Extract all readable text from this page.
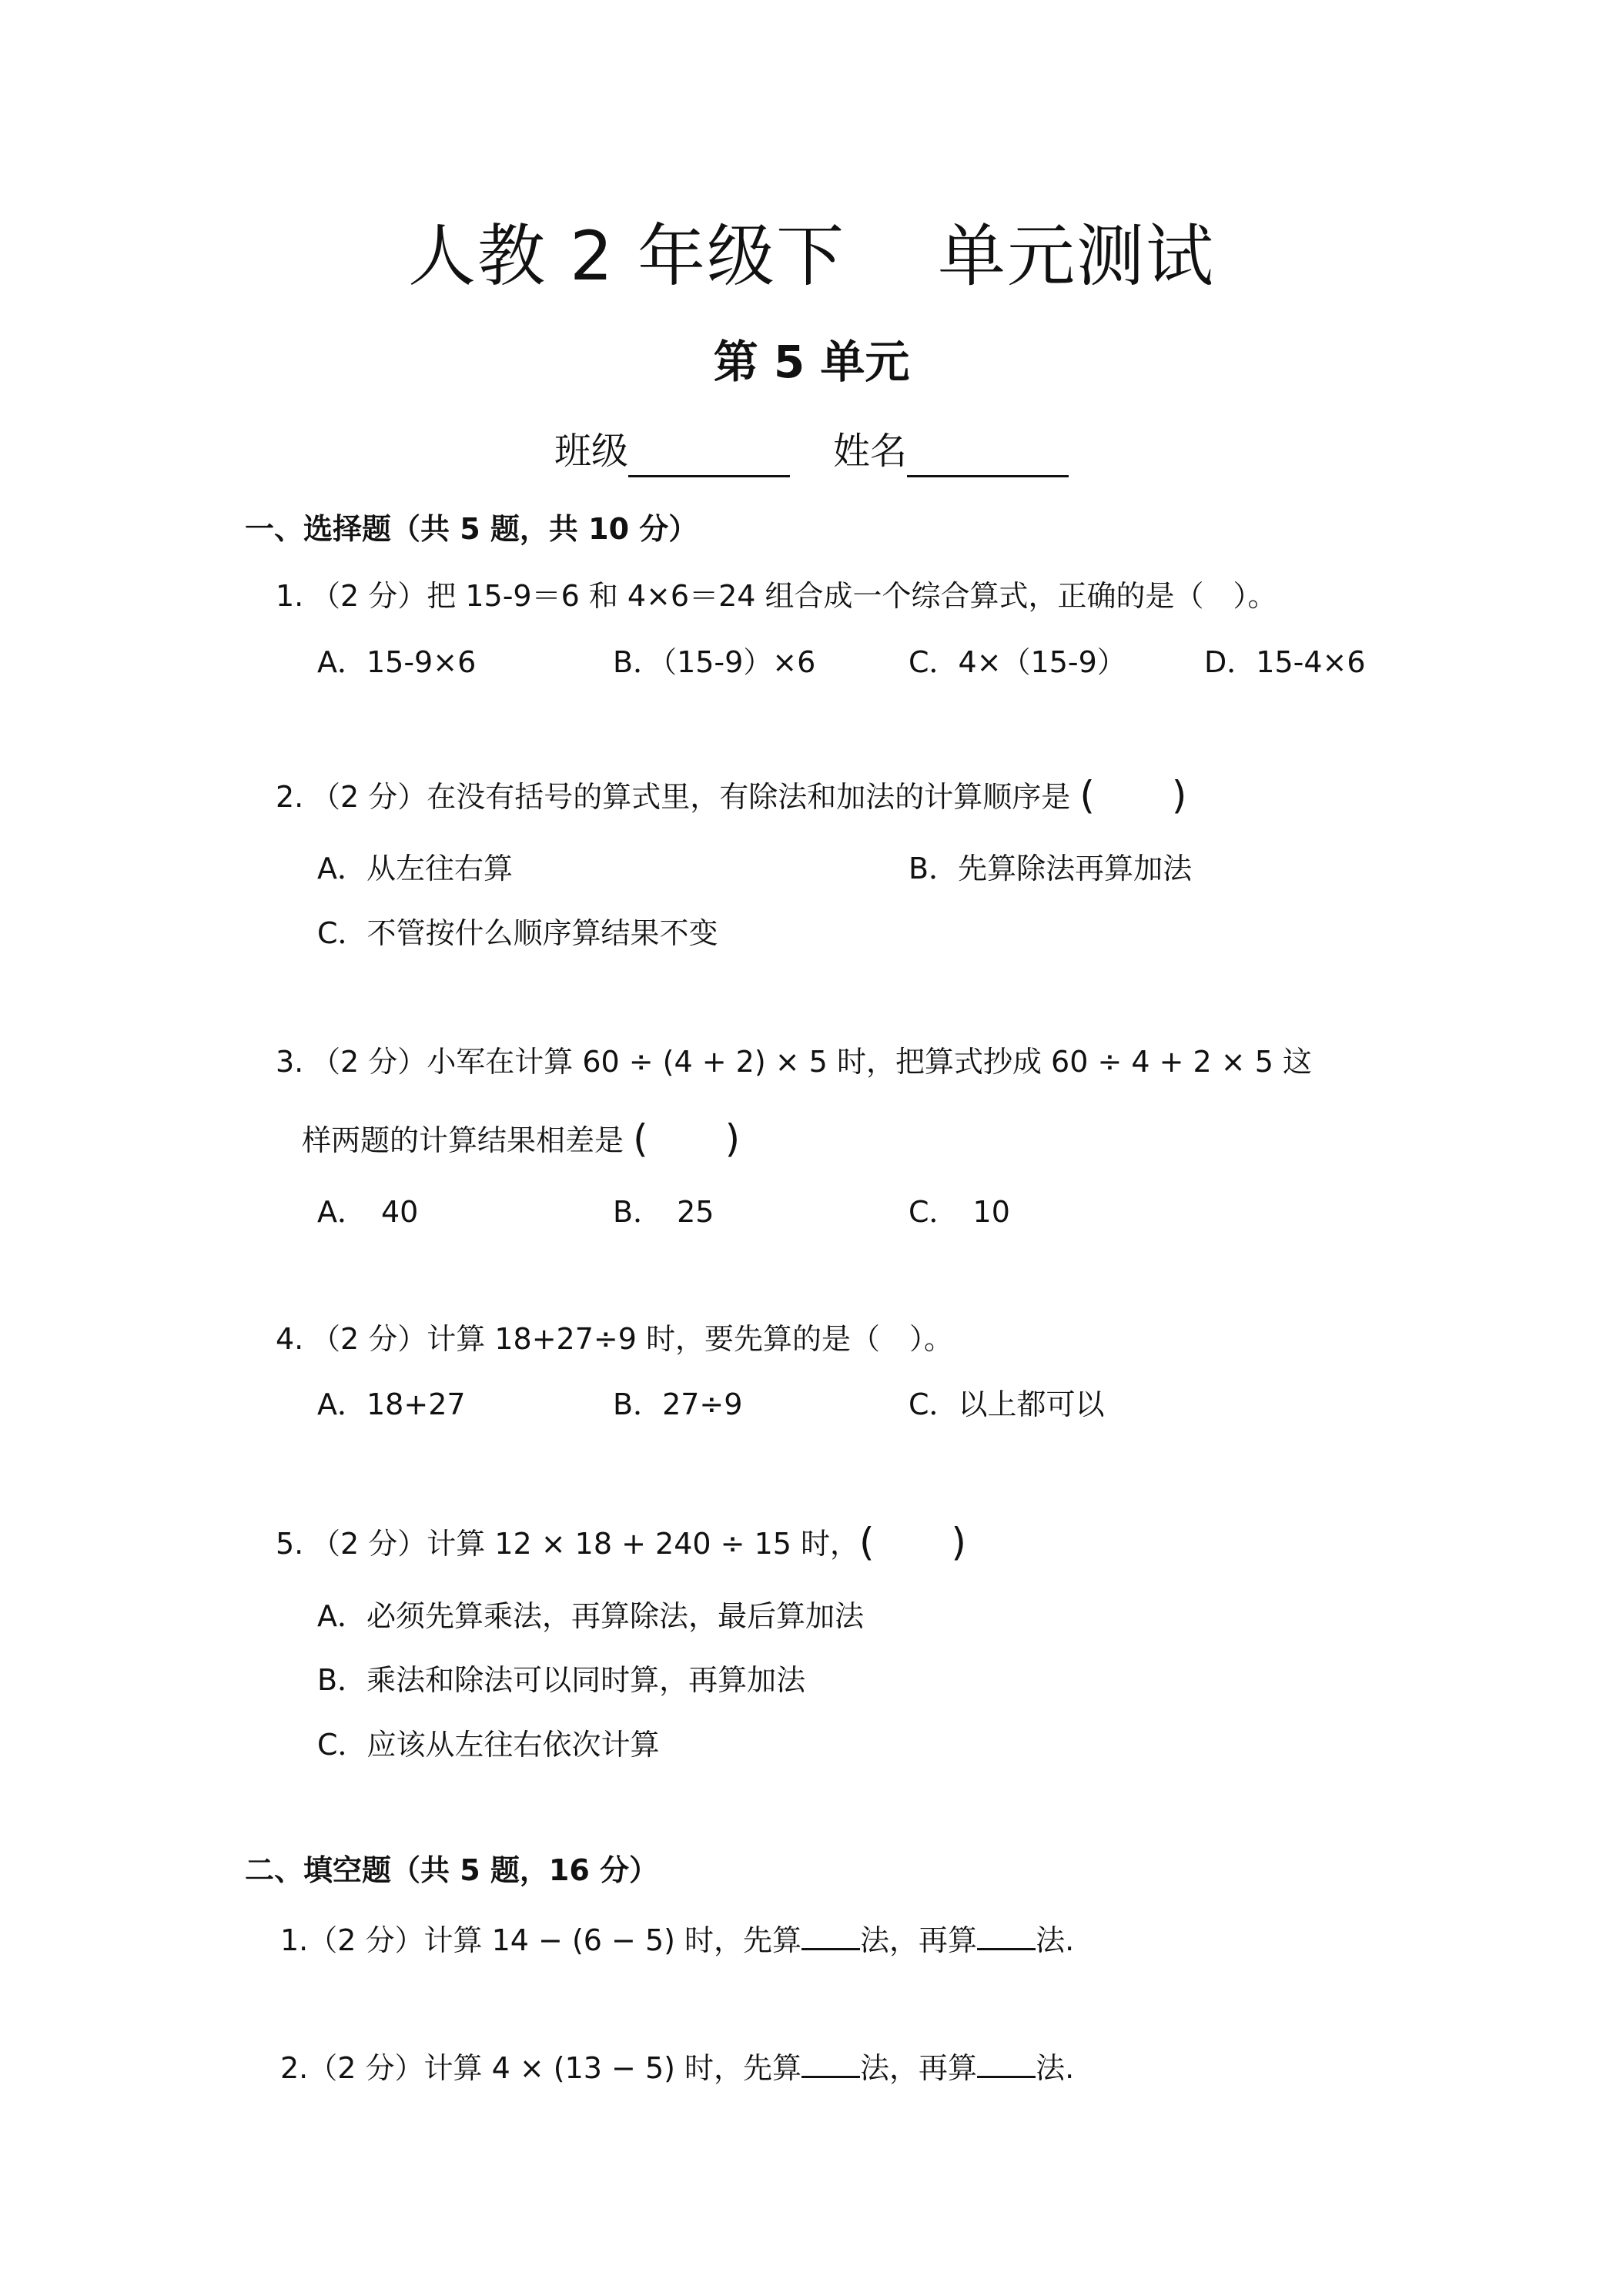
人教 2 年级下 单元测试
第 5 单元
班级	姓名
一、选择题（共 5 题，共 10 分）
1. （2 分）把 15-9＝6 和 4×6＝24 组合成一个综合算式，正确的是（　）。
A．15-9×6	B．（15-9）×6	C．4×（15-9）	D．15-4×6
2. （2 分）在没有括号的算式里，有除法和加法的计算顺序是 (　　)
A．从左往右算	B．先算除法再算加法
C．不管按什么顺序算结果不变
3. （2 分）小军在计算 60 ÷ (4 + 2) × 5 时，把算式抄成 60 ÷ 4 + 2 × 5 这
样两题的计算结果相差是 (　　)
A．　40	B．　25	C．　10
4. （2 分）计算 18+27÷9 时，要先算的是（　）。
A．18+27	B．27÷9	C．以上都可以
5. （2 分）计算 12 × 18 + 240 ÷ 15 时，(　　)
A．必须先算乘法，再算除法，最后算加法
B．乘法和除法可以同时算，再算加法
C．应该从左往右依次计算
二、填空题（共 5 题，16 分）
1.（2 分）计算 14 − (6 − 5) 时，先算 法，再算 法.
2.（2 分）计算 4 × (13 − 5) 时，先算 法，再算 法.
